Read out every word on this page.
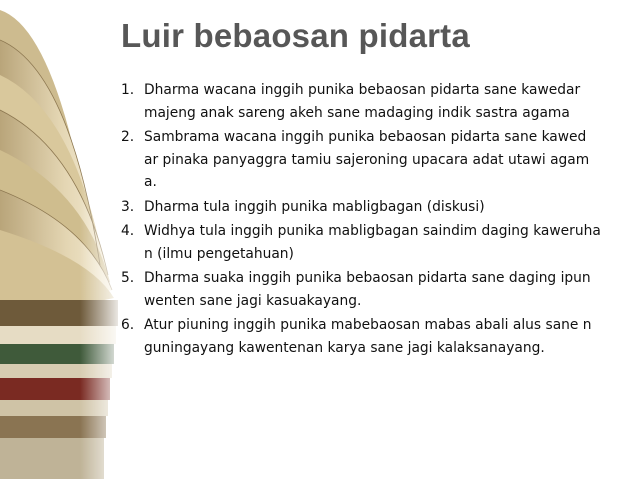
Luir bebaosan pidarta
1. Dharma wacana inggih punika bebaosan pidarta sane kawedar
majeng anak sareng akeh sane madaging indik sastra agama
2. Sambrama wacana inggih punika bebaosan pidarta sane kawed
ar pinaka panyaggra tamiu sajeroning upacara adat utawi agam
a.
3. Dharma tula inggih punika mabligbagan (diskusi)
4. Widhya tula inggih punika mabligbagan saindim daging kaweruha
n (ilmu pengetahuan)
5. Dharma suaka inggih punika bebaosan pidarta sane daging ipun
wenten sane jagi kasuakayang.
6. Atur piuning inggih punika mabebaosan mabas abali alus sane n
guningayang kawentenan karya sane jagi kalaksanayang.
